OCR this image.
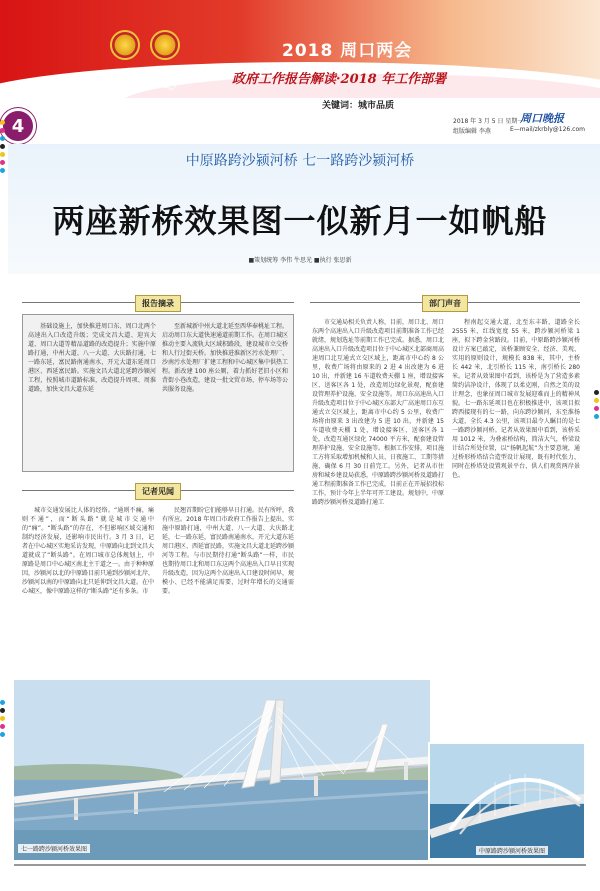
🕊
2018 周口两会
政府工作报告解读·2018 年工作部署
关键词：城市品质
4	2018 年 3 月 5 日 星期一
周口晚报
组版编辑 李燕	E—mail/zkrbly@126.com
中原路跨沙颍河桥 七一路跨沙颍河桥
两座新桥效果图一似新月一如帆船
■策划统筹 李伟 牛思光 ■执行 张思新
报告摘录

基础设施上，加快推进周口东、周口北两个高速出入口改造升级；完成文昌大道、迎宾大道、周口大道等精品道路的改造提升；实施中原路打通，中州大道、八一大道、大庆路打通，七一路东延，富民路南通南水，开元大道东延周口港区、西延富民路。实施文昌大道北延跨沙颍河工程，按照城市道路标准，改造提升周项、周淮道路，加快文昌大道东延

至新城新中州大道北延至西华奉桃址工程。启动周口东大道快速通道前期工作。在周口城区推动主要入流轨大区域积路段，建设城市立交桥和人行过街天桥。加快推进淮新区污水处理厂、沙南污水处理厂扩建工程和中心城区集中供热工程。新改建 100 座公厕，着力抓好老旧小区和背街小巷改造，建设一批文贸市场、停车场等公共服务设施。

记者见闻

城市交通发展比人体的经络。“通则不痛，痛则不通”，而“断头路”就是城市交通中的“痛”。“断头路”的存在，不但影响区域交通和制约经济发展，还影响市民出行。3 月 3 日，记者在中心城区实地采访发现，中原路向北到文昌大道就成了“断头路”。在周口城市总体规划上，中原路是周口中心城区南北主干道之一。由于种种原因，沙颍河以北的中原路目前只通到沙颍河北岸，沙颍河以南的中原路向北只延伸到文昌大道。在中心城区，像中原路这样的“断头路”还有多条。市

民翘首期盼它们能够早日打通。民有所呼，我有所应。2018 年周口市政府工作报告上提出，实施中原路打通，中州大道、八一大道、大庆路北延，七一路东延，富民路南通南水，开元大道东延周口港区、西延富民路，实施文昌大道北延跨沙颍河等工程。与市民期待打通“断头路”一样，市民也期待周口北和周口东这两个高速出入口早日实现升级改造，因为这两个高速出入口建设时间早，规模小、已经不能满足需要，过时年增长的交通需要。

部门声音

市交通局相关负责人称，目前，周口北、周口东两个高速出入口升级改造项目前期准备工作已经就绪，规划选址等前期工作已完成。据悉，周口北高速出入口升级改造项目位于中心城区北部商周高速周口北互通式立交区域上，距离市中心约 8 公里，收费广场将由原来的 2 进 4 出改建为 6 进 10 出，并新建 16 车道收费天棚 1 座，增设接客区、送客区各 1 处，改造周边绿化景观，配套建设管理养护设施、安全设施等。周口东高速出入口升级改造项目位于中心城区东部大广高速周口东互通式立交区域上，距离市中心约 5 公里，收费广场将由原来 3 出改建为 5 进 10 出，并新建 15 车道收费天棚 1 处，增设接客区、送客区各 1 处，改造互通区绿化 74000 平方米，配套建设管理养护设施、安全设施等。根据工作安排，项目施工方将采取增加机械和人员、日夜施工、工期等措施，确保 6 月 30 日前完工。另外，记者从市住房和城乡建设局获悉，中原路跨沙颍河桥及道路打通工程前期准备工作已完成，目前正在开展招投标工作，预计今年上半年可开工建设。规划中，中原路跨沙颍河桥及道路打通工

程南起交通大道，北至东丰路，道路全长 2555 米，红线宽度 55 米，跨沙颍河桥梁 1 座，拟下跨金营路段。目前，中原路跨沙颍河桥设计方案已敲定，该桥兼顾安全、经济、美观、实用的原则设计，规模长 838 米，其中，主桥长 442 米，北引桥长 115 米，南引桥长 280 米。记者从效果图中看到，该桥是为了营造多素简约洁净设计，体现了以柔克刚，自然之美的设计理念，也象征周口城市发展迎难而上的精神风貌。七一路东延项目也在积极推进中，该项目拟跨西接现有的七一路，向东跨沙颍河，东至淮扬大道，全长 4.3 公里，该项目最令人瞩目的是七一路跨沙颍河桥。记者从效果图中看到，该桥采用 1012 米，为叠索桥结构，简洁大气，桥梁设计结合所处位置，以“扬帆起航”为主要意境，通过桥形桥塔结合造型设计展现，既有时代张力，同时在桥塔处设置观景平台，供人们观赏两岸景色。

七一路跨沙颍河桥效果图	中原路跨沙颍河桥效果图
